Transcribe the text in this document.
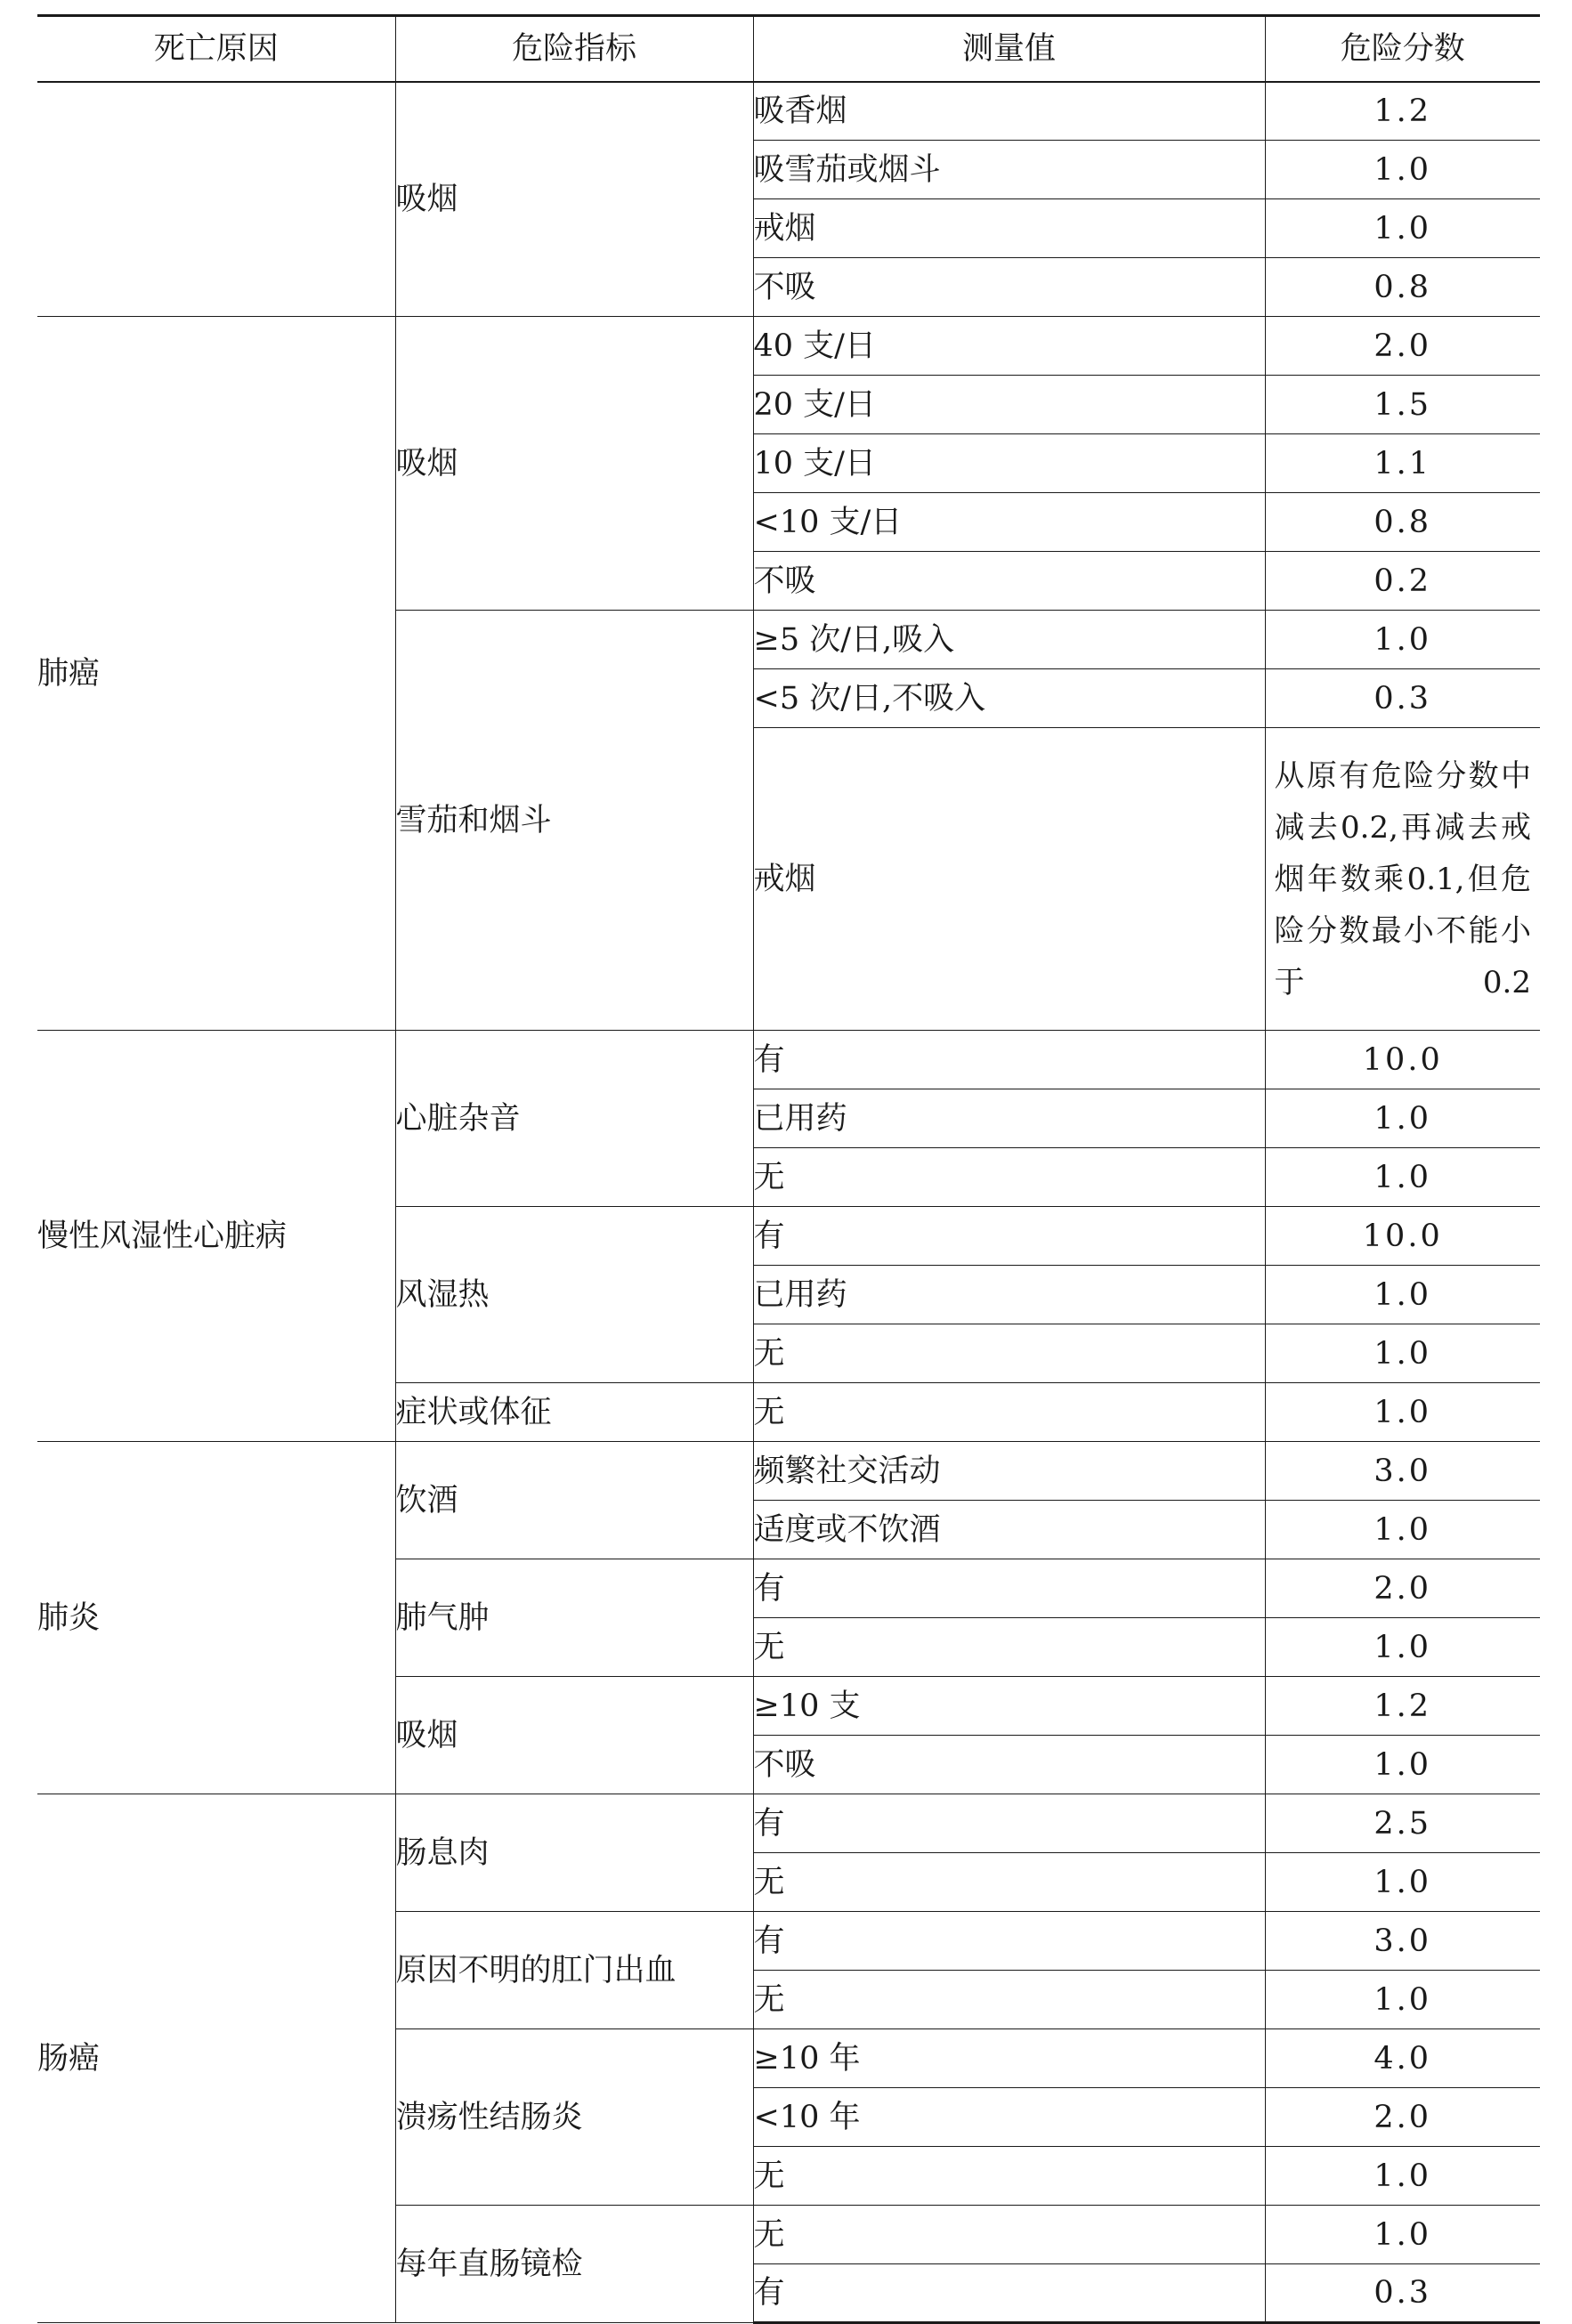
死亡原因	危险指标	测量值	危险分数
	吸烟	吸香烟	1.2
		吸雪茄或烟斗	1.0
		戒烟	1.0
		不吸	0.8
肺癌	吸烟	40 支/日	2.0
		20 支/日	1.5
		10 支/日	1.1
		<10 支/日	0.8
		不吸	0.2
	雪茄和烟斗	≥5 次/日,吸入	1.0
		<5 次/日,不吸入	0.3
		戒烟	从原有危险分数中减去0.2,再减去戒烟年数乘0.1,但危险分数最小不能小于0.2
慢性风湿性心脏病	心脏杂音	有	10.0
		已用药	1.0
		无	1.0
	风湿热	有	10.0
		已用药	1.0
		无	1.0
	症状或体征	无	1.0
肺炎	饮酒	频繁社交活动	3.0
		适度或不饮酒	1.0
	肺气肿	有	2.0
		无	1.0
	吸烟	≥10 支	1.2
		不吸	1.0
肠癌	肠息肉	有	2.5
		无	1.0
	原因不明的肛门出血	有	3.0
		无	1.0
	溃疡性结肠炎	≥10 年	4.0
		<10 年	2.0
		无	1.0
	每年直肠镜检	无	1.0
		有	0.3
